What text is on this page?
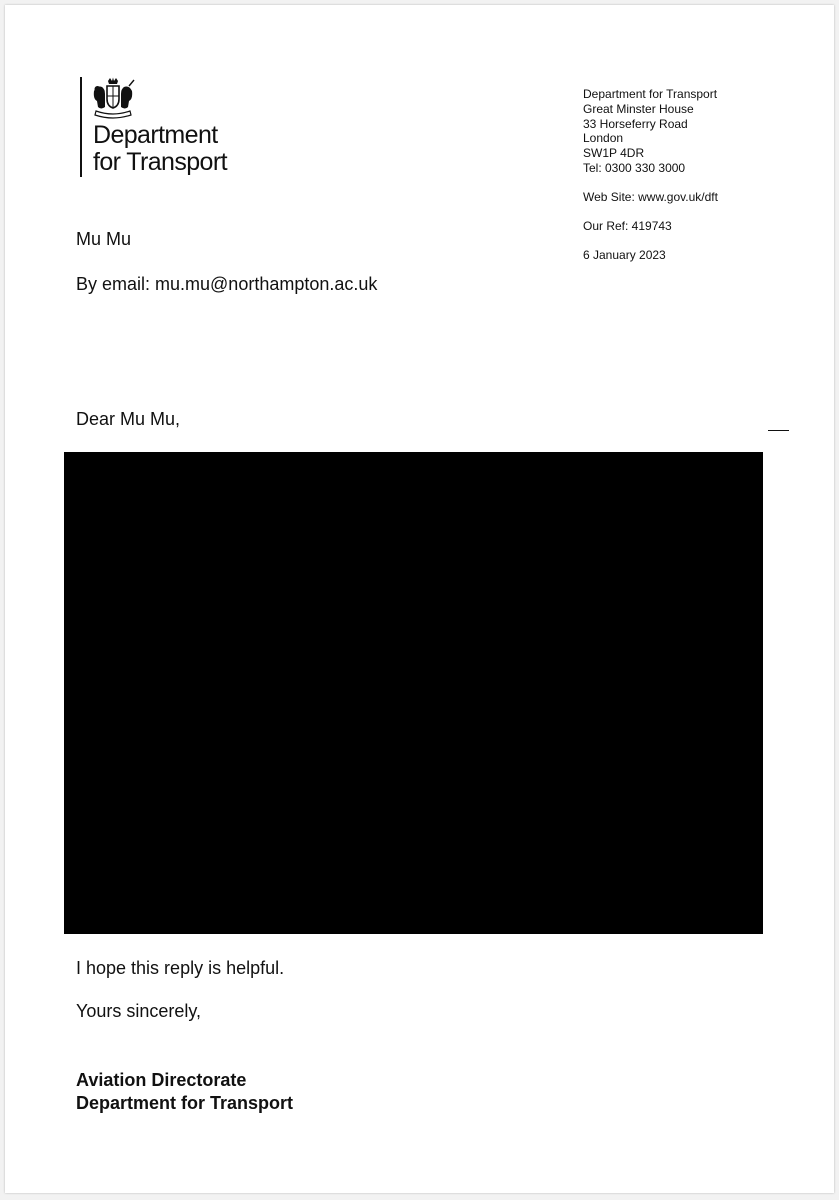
Department
for Transport
Department for Transport
Great Minster House
33 Horseferry Road
London
SW1P 4DR
Tel: 0300 330 3000
Web Site: www.gov.uk/dft
Our Ref: 419743
6 January 2023
Mu Mu
By email: mu.mu@northampton.ac.uk
Dear Mu Mu,
I hope this reply is helpful.
Yours sincerely,
Aviation Directorate
Department for Transport
